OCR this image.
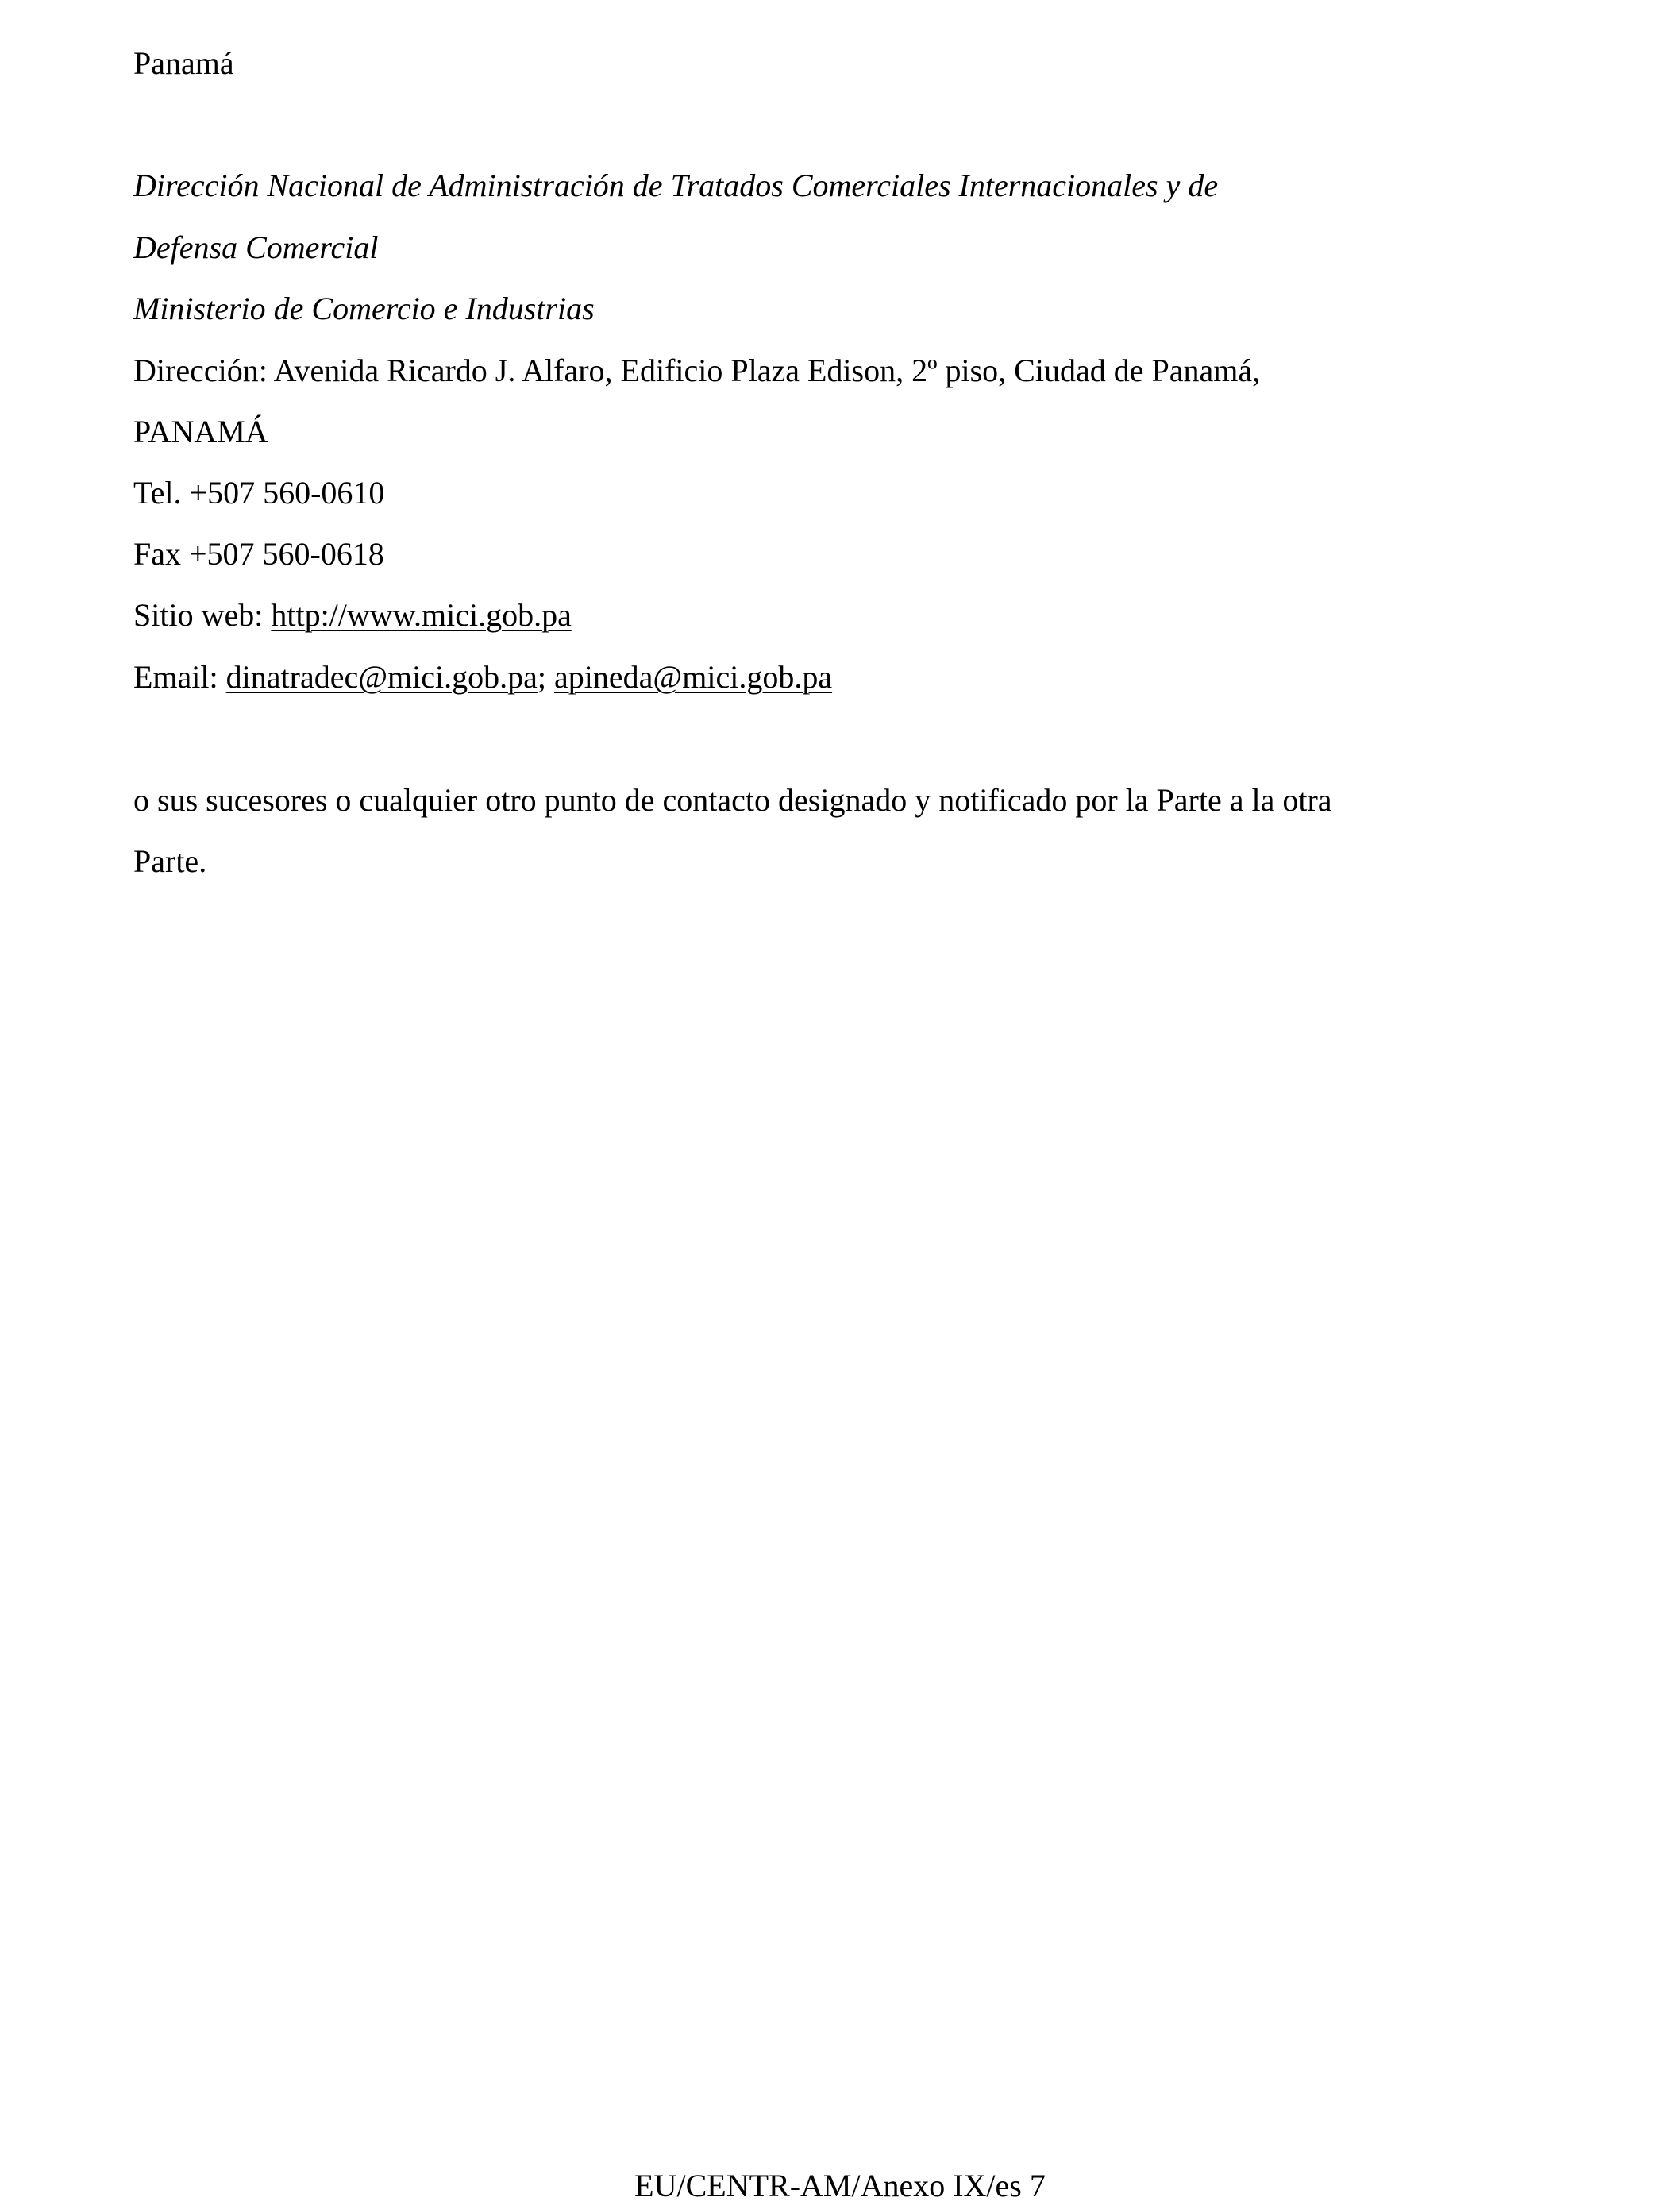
Panamá
Dirección Nacional de Administración de Tratados Comerciales Internacionales y de
Defensa Comercial
Ministerio de Comercio e Industrias
Dirección: Avenida Ricardo J. Alfaro, Edificio Plaza Edison, 2º piso, Ciudad de Panamá,
PANAMÁ
Tel. +507 560-0610
Fax +507 560-0618
Sitio web: http://www.mici.gob.pa
Email: dinatradec@mici.gob.pa; apineda@mici.gob.pa
o sus sucesores o cualquier otro punto de contacto designado y notificado por la Parte a la otra
Parte.
EU/CENTR-AM/Anexo IX/es 7
